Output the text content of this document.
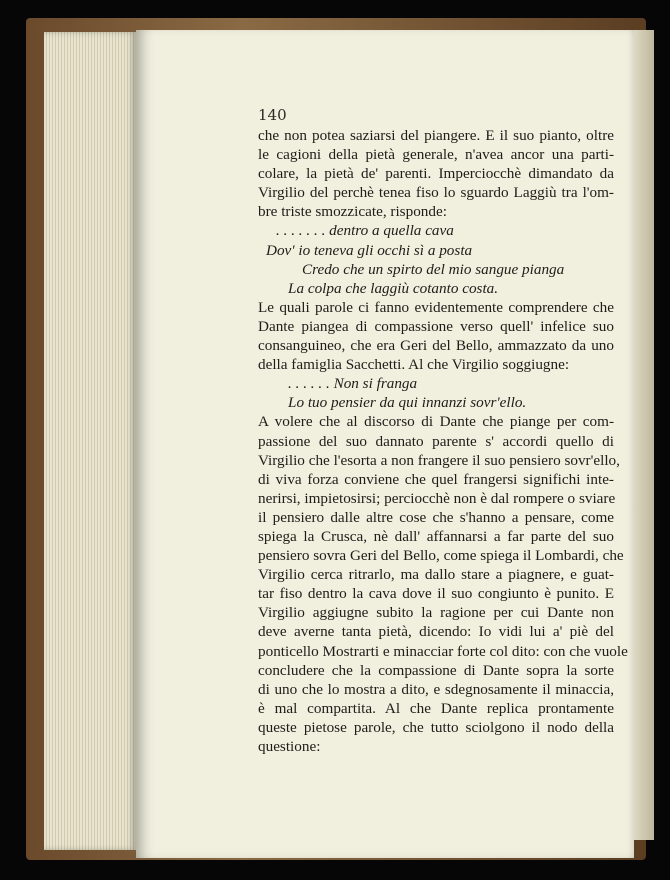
140
che non potea saziarsi del piangere. E il suo pianto, oltre
le cagioni della pietà generale, n'avea ancor una parti-
colare, la pietà de' parenti. Imperciocchè dimandato da
Virgilio del perchè tenea fiso lo sguardo Laggiù tra l'om-
bre triste smozzicate, risponde:
. . . . . . . dentro a quella cava
Dov' io teneva gli occhi sì a posta
Credo che un spirto del mio sangue pianga
La colpa che laggiù cotanto costa.
Le quali parole ci fanno evidentemente comprendere che
Dante piangea di compassione verso quell' infelice suo
consanguineo, che era Geri del Bello, ammazzato da uno
della famiglia Sacchetti. Al che Virgilio soggiugne:
. . . . . . Non si franga
Lo tuo pensier da qui innanzi sovr'ello.
A volere che al discorso di Dante che piange per com-
passione del suo dannato parente s' accordi quello di
Virgilio che l'esorta a non frangere il suo pensiero sovr'ello,
di viva forza conviene che quel frangersi significhi inte-
nerirsi, impietosirsi; perciocchè non è dal rompere o sviare
il pensiero dalle altre cose che s'hanno a pensare, come
spiega la Crusca, nè dall' affannarsi a far parte del suo
pensiero sovra Geri del Bello, come spiega il Lombardi, che
Virgilio cerca ritrarlo, ma dallo stare a piagnere, e guat-
tar fiso dentro la cava dove il suo congiunto è punito. E
Virgilio aggiugne subito la ragione per cui Dante non
deve averne tanta pietà, dicendo: Io vidi lui a' piè del
ponticello Mostrarti e minacciar forte col dito: con che vuole
concludere che la compassione di Dante sopra la sorte
di uno che lo mostra a dito, e sdegnosamente il minaccia,
è mal compartita. Al che Dante replica prontamente
queste pietose parole, che tutto sciolgono il nodo della
questione:
